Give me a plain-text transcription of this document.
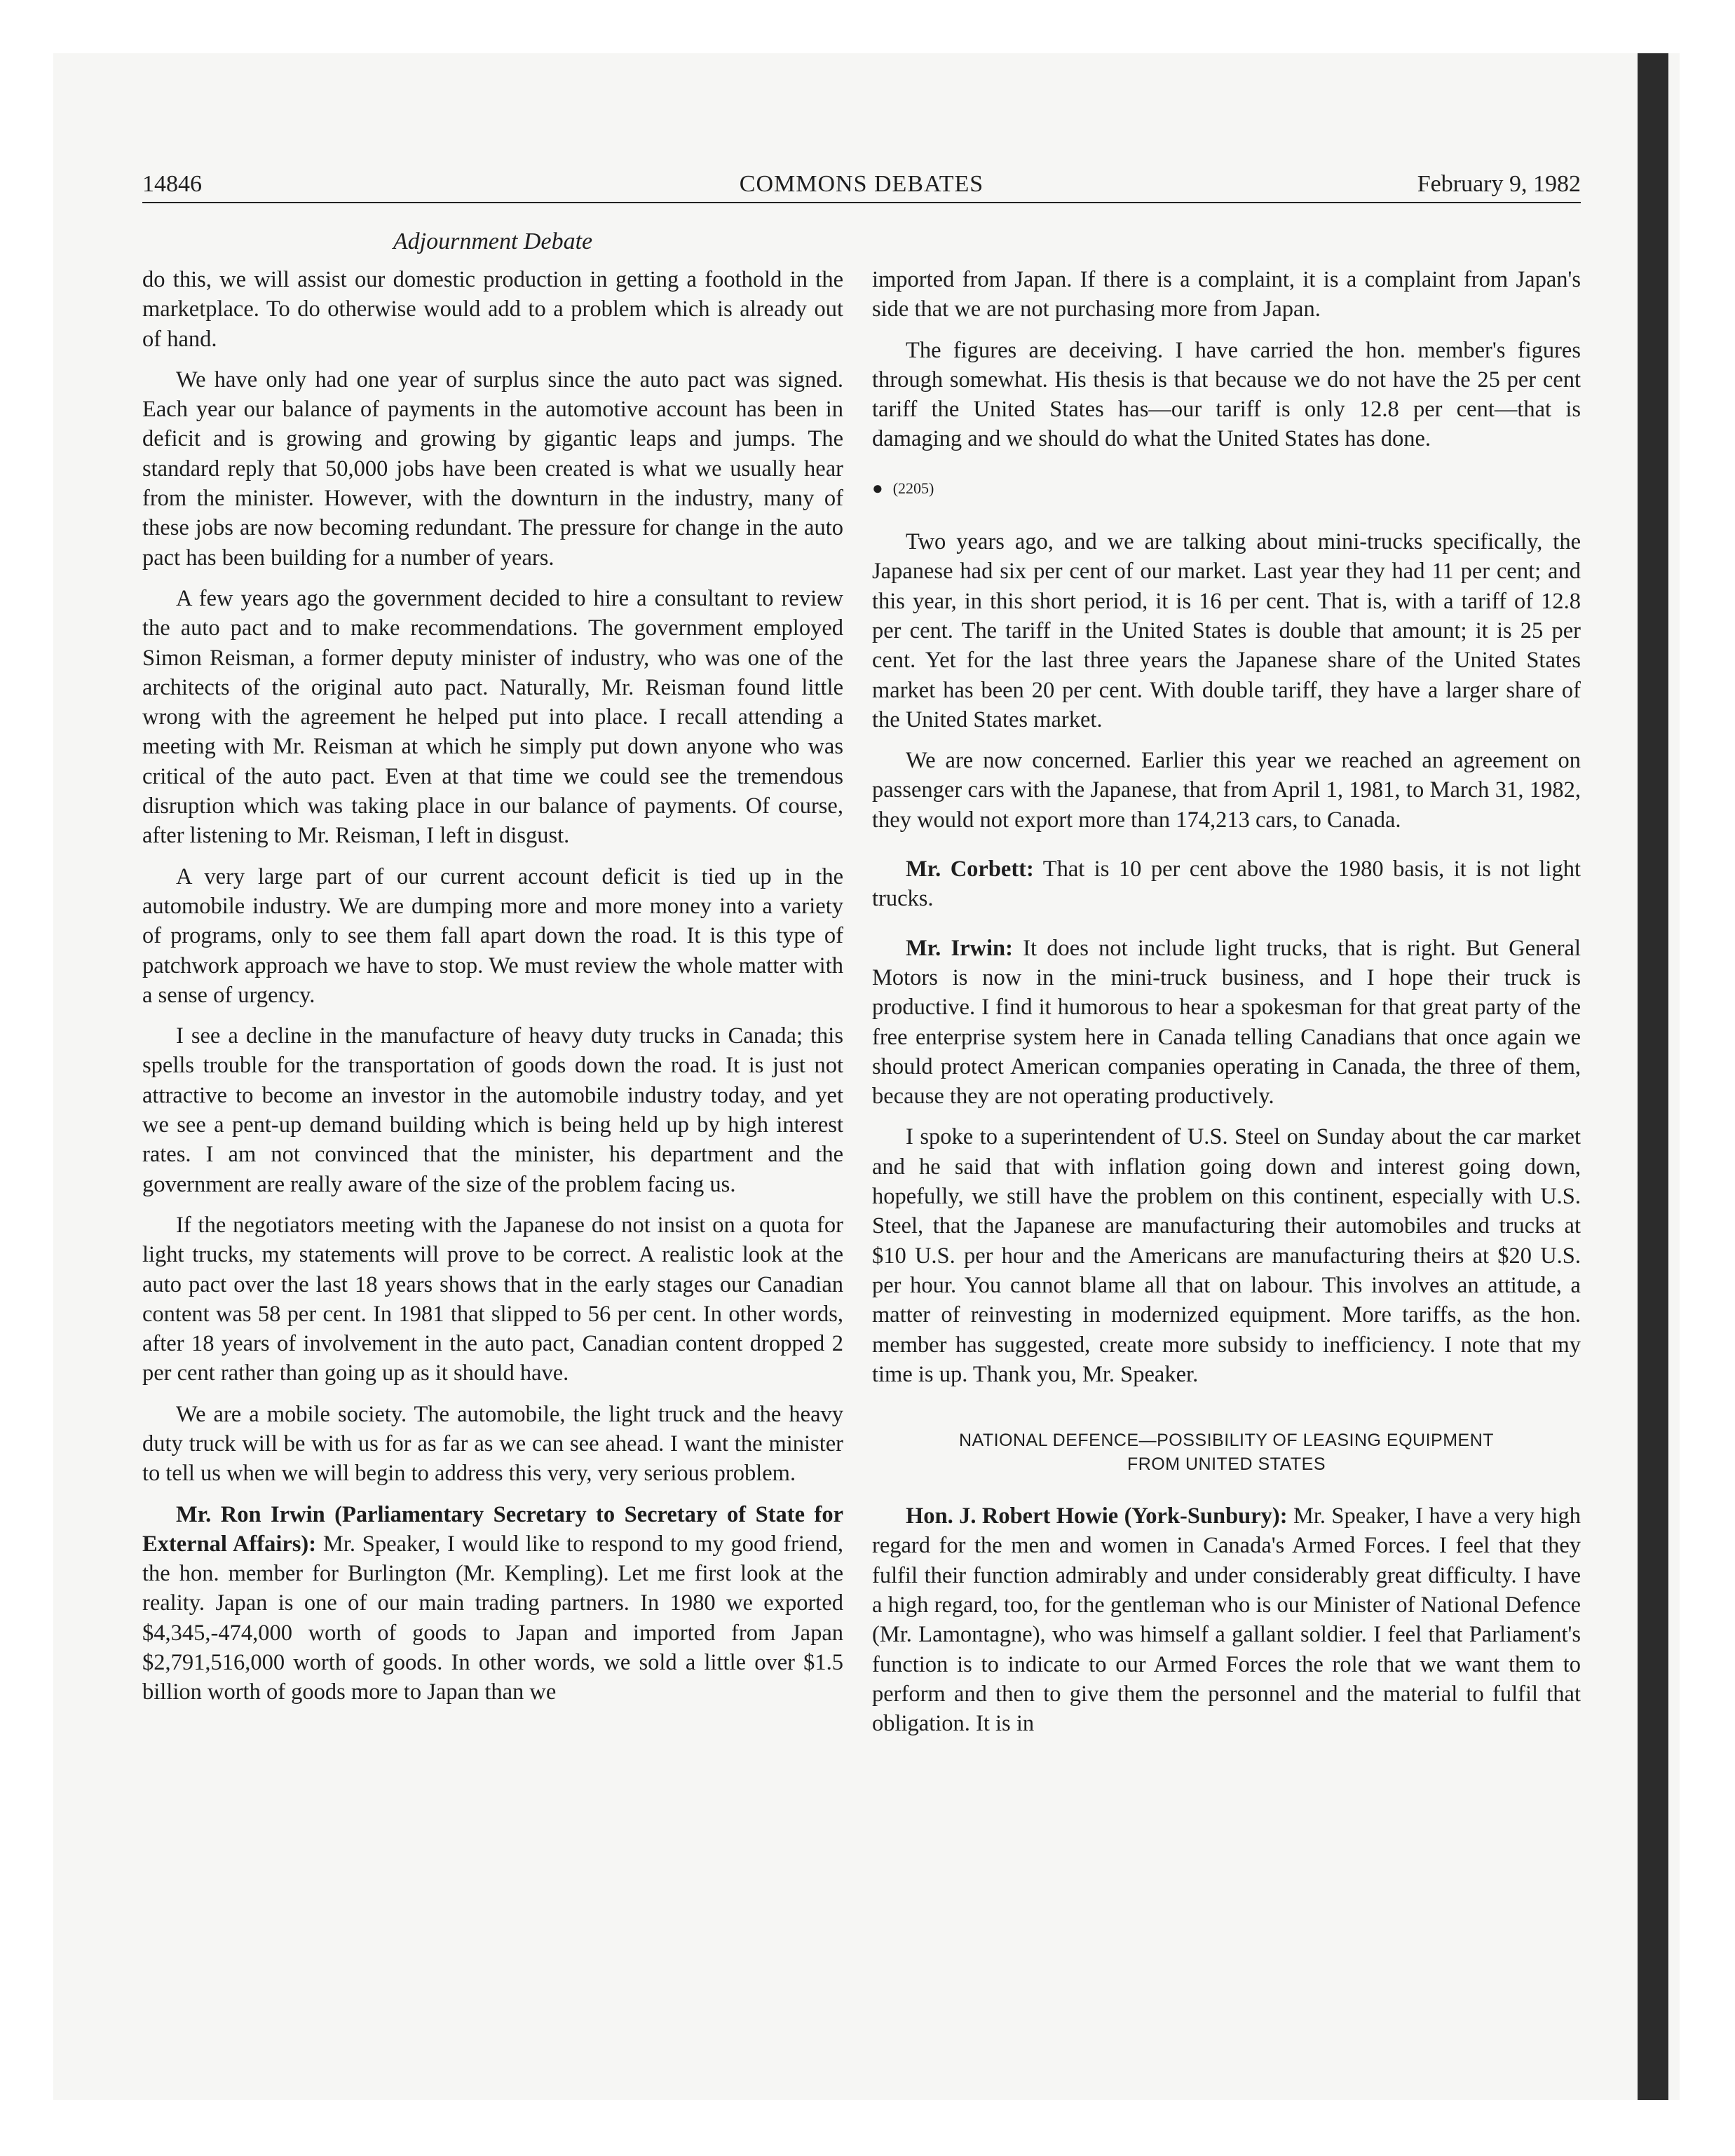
14846	COMMONS DEBATES	February 9, 1982
Adjournment Debate

do this, we will assist our domestic production in getting a foothold in the marketplace. To do otherwise would add to a problem which is already out of hand.

We have only had one year of surplus since the auto pact was signed. Each year our balance of payments in the automotive account has been in deficit and is growing and growing by gigantic leaps and jumps. The standard reply that 50,000 jobs have been created is what we usually hear from the minister. However, with the downturn in the industry, many of these jobs are now becoming redundant. The pressure for change in the auto pact has been building for a number of years.

A few years ago the government decided to hire a consultant to review the auto pact and to make recommendations. The government employed Simon Reisman, a former deputy minister of industry, who was one of the architects of the original auto pact. Naturally, Mr. Reisman found little wrong with the agreement he helped put into place. I recall attending a meeting with Mr. Reisman at which he simply put down anyone who was critical of the auto pact. Even at that time we could see the tremendous disruption which was taking place in our balance of payments. Of course, after listening to Mr. Reisman, I left in disgust.

A very large part of our current account deficit is tied up in the automobile industry. We are dumping more and more money into a variety of programs, only to see them fall apart down the road. It is this type of patchwork approach we have to stop. We must review the whole matter with a sense of urgency.

I see a decline in the manufacture of heavy duty trucks in Canada; this spells trouble for the transportation of goods down the road. It is just not attractive to become an investor in the automobile industry today, and yet we see a pent-up demand building which is being held up by high interest rates. I am not convinced that the minister, his department and the government are really aware of the size of the problem facing us.

If the negotiators meeting with the Japanese do not insist on a quota for light trucks, my statements will prove to be correct. A realistic look at the auto pact over the last 18 years shows that in the early stages our Canadian content was 58 per cent. In 1981 that slipped to 56 per cent. In other words, after 18 years of involvement in the auto pact, Canadian content dropped 2 per cent rather than going up as it should have.

We are a mobile society. The automobile, the light truck and the heavy duty truck will be with us for as far as we can see ahead. I want the minister to tell us when we will begin to address this very, very serious problem.

Mr. Ron Irwin (Parliamentary Secretary to Secretary of State for External Affairs): Mr. Speaker, I would like to respond to my good friend, the hon. member for Burlington (Mr. Kempling). Let me first look at the reality. Japan is one of our main trading partners. In 1980 we exported $4,345,-474,000 worth of goods to Japan and imported from Japan $2,791,516,000 worth of goods. In other words, we sold a little over $1.5 billion worth of goods more to Japan than we

imported from Japan. If there is a complaint, it is a complaint from Japan's side that we are not purchasing more from Japan.

The figures are deceiving. I have carried the hon. member's figures through somewhat. His thesis is that because we do not have the 25 per cent tariff the United States has—our tariff is only 12.8 per cent—that is damaging and we should do what the United States has done.

● (2205)

Two years ago, and we are talking about mini-trucks specifically, the Japanese had six per cent of our market. Last year they had 11 per cent; and this year, in this short period, it is 16 per cent. That is, with a tariff of 12.8 per cent. The tariff in the United States is double that amount; it is 25 per cent. Yet for the last three years the Japanese share of the United States market has been 20 per cent. With double tariff, they have a larger share of the United States market.

We are now concerned. Earlier this year we reached an agreement on passenger cars with the Japanese, that from April 1, 1981, to March 31, 1982, they would not export more than 174,213 cars, to Canada.

Mr. Corbett: That is 10 per cent above the 1980 basis, it is not light trucks.

Mr. Irwin: It does not include light trucks, that is right. But General Motors is now in the mini-truck business, and I hope their truck is productive. I find it humorous to hear a spokesman for that great party of the free enterprise system here in Canada telling Canadians that once again we should protect American companies operating in Canada, the three of them, because they are not operating productively.

I spoke to a superintendent of U.S. Steel on Sunday about the car market and he said that with inflation going down and interest going down, hopefully, we still have the problem on this continent, especially with U.S. Steel, that the Japanese are manufacturing their automobiles and trucks at $10 U.S. per hour and the Americans are manufacturing theirs at $20 U.S. per hour. You cannot blame all that on labour. This involves an attitude, a matter of reinvesting in modernized equipment. More tariffs, as the hon. member has suggested, create more subsidy to inefficiency. I note that my time is up. Thank you, Mr. Speaker.

NATIONAL DEFENCE—POSSIBILITY OF LEASING EQUIPMENT
FROM UNITED STATES

Hon. J. Robert Howie (York-Sunbury): Mr. Speaker, I have a very high regard for the men and women in Canada's Armed Forces. I feel that they fulfil their function admirably and under considerably great difficulty. I have a high regard, too, for the gentleman who is our Minister of National Defence (Mr. Lamontagne), who was himself a gallant soldier. I feel that Parliament's function is to indicate to our Armed Forces the role that we want them to perform and then to give them the personnel and the material to fulfil that obligation. It is in
